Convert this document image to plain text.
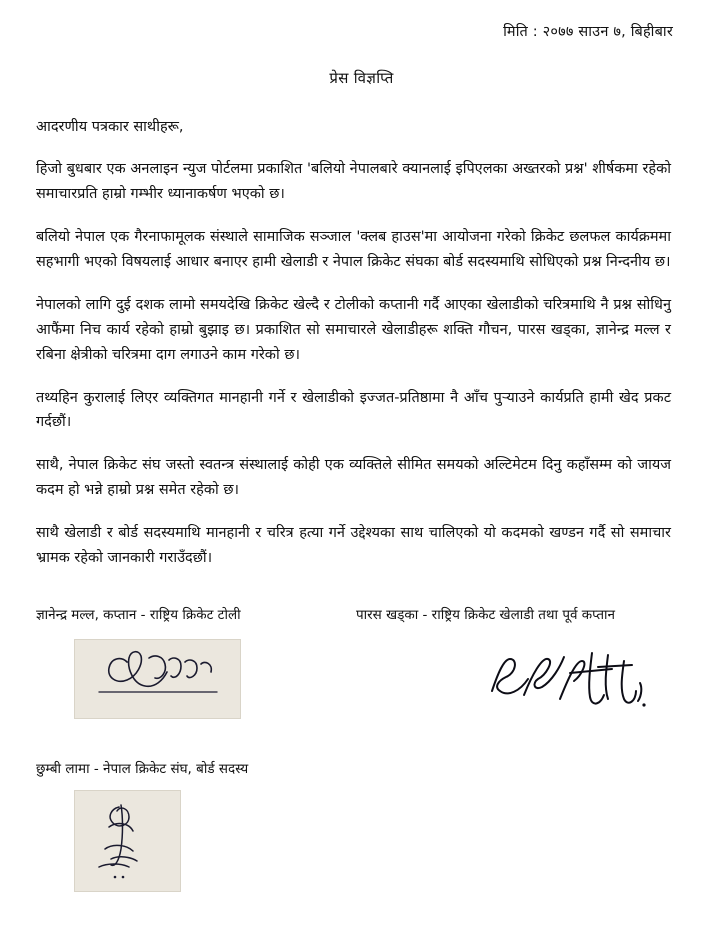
मिति : २०७७ साउन ७, बिहीबार
प्रेस विज्ञप्ति
आदरणीय पत्रकार साथीहरू,
हिजो बुधबार एक अनलाइन न्युज पोर्टलमा प्रकाशित 'बलियो नेपालबारे क्यानलाई इपिएलका अख्तरको प्रश्न' शीर्षकमा रहेको समाचारप्रति हाम्रो गम्भीर ध्यानाकर्षण भएको छ।
बलियो नेपाल एक गैरनाफामूलक संस्थाले सामाजिक सञ्जाल 'क्लब हाउस'मा आयोजना गरेको क्रिकेट छलफल कार्यक्रममा सहभागी भएको विषयलाई आधार बनाएर हामी खेलाडी र नेपाल क्रिकेट संघका बोर्ड सदस्यमाथि सोधिएको प्रश्न निन्दनीय छ।
नेपालको लागि दुई दशक लामो समयदेखि क्रिकेट खेल्दै र टोलीको कप्तानी गर्दै आएका खेलाडीको चरित्रमाथि नै प्रश्न सोधिनु आफैंमा निच कार्य रहेको हाम्रो बुझाइ छ। प्रकाशित सो समाचारले खेलाडीहरू शक्ति गौचन, पारस खड्का, ज्ञानेन्द्र मल्ल र रबिना क्षेत्रीको चरित्रमा दाग लगाउने काम गरेको छ।
तथ्यहिन कुरालाई लिएर व्यक्तिगत मानहानी गर्ने र खेलाडीको इज्जत-प्रतिष्ठामा नै आँच पुऱ्याउने कार्यप्रति हामी खेद प्रकट गर्दछौं।
साथै, नेपाल क्रिकेट संघ जस्तो स्वतन्त्र संस्थालाई कोही एक व्यक्तिले सीमित समयको अल्टिमेटम दिनु कहाँसम्म को जायज कदम हो भन्ने हाम्रो प्रश्न समेत रहेको छ।
साथै खेलाडी र बोर्ड सदस्यमाथि मानहानी र चरित्र हत्या गर्ने उद्देश्यका साथ चालिएको यो कदमको खण्डन गर्दै सो समाचार भ्रामक रहेको जानकारी गराउँदछौं।
ज्ञानेन्द्र मल्ल, कप्तान - राष्ट्रिय क्रिकेट टोली	पारस खड्का - राष्ट्रिय क्रिकेट खेलाडी तथा पूर्व कप्तान
छुम्बी लामा - नेपाल क्रिकेट संघ, बोर्ड सदस्य
